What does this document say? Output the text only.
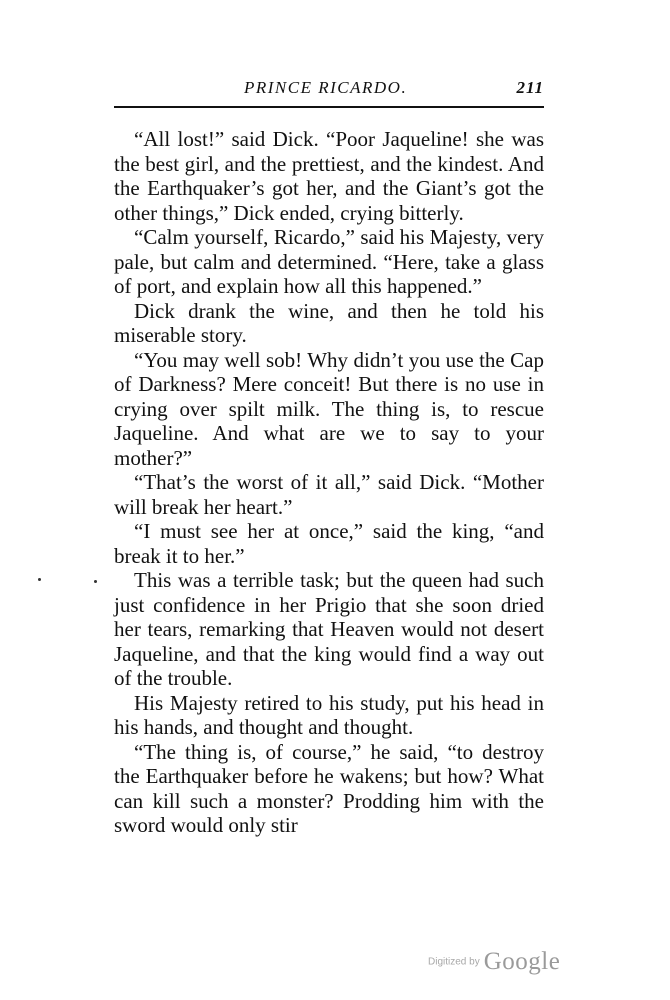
PRINCE RICARDO.	211

“All lost!” said Dick. “Poor Jaqueline! she was the best girl, and the prettiest, and the kindest. And the Earthquaker’s got her, and the Giant’s got the other things,” Dick ended, crying bitterly.

“Calm yourself, Ricardo,” said his Majesty, very pale, but calm and determined. “Here, take a glass of port, and explain how all this happened.”

Dick drank the wine, and then he told his miserable story.

“You may well sob! Why didn’t you use the Cap of Darkness? Mere conceit! But there is no use in crying over spilt milk. The thing is, to rescue Jaqueline. And what are we to say to your mother?”

“That’s the worst of it all,” said Dick. “Mother will break her heart.”

“I must see her at once,” said the king, “and break it to her.”

This was a terrible task; but the queen had such just confidence in her Prigio that she soon dried her tears, remarking that Heaven would not desert Jaqueline, and that the king would find a way out of the trouble.

His Majesty retired to his study, put his head in his hands, and thought and thought.

“The thing is, of course,” he said, “to destroy the Earthquaker before he wakens; but how? What can kill such a monster? Prodding him with the sword would only stir

Digitized by Google
